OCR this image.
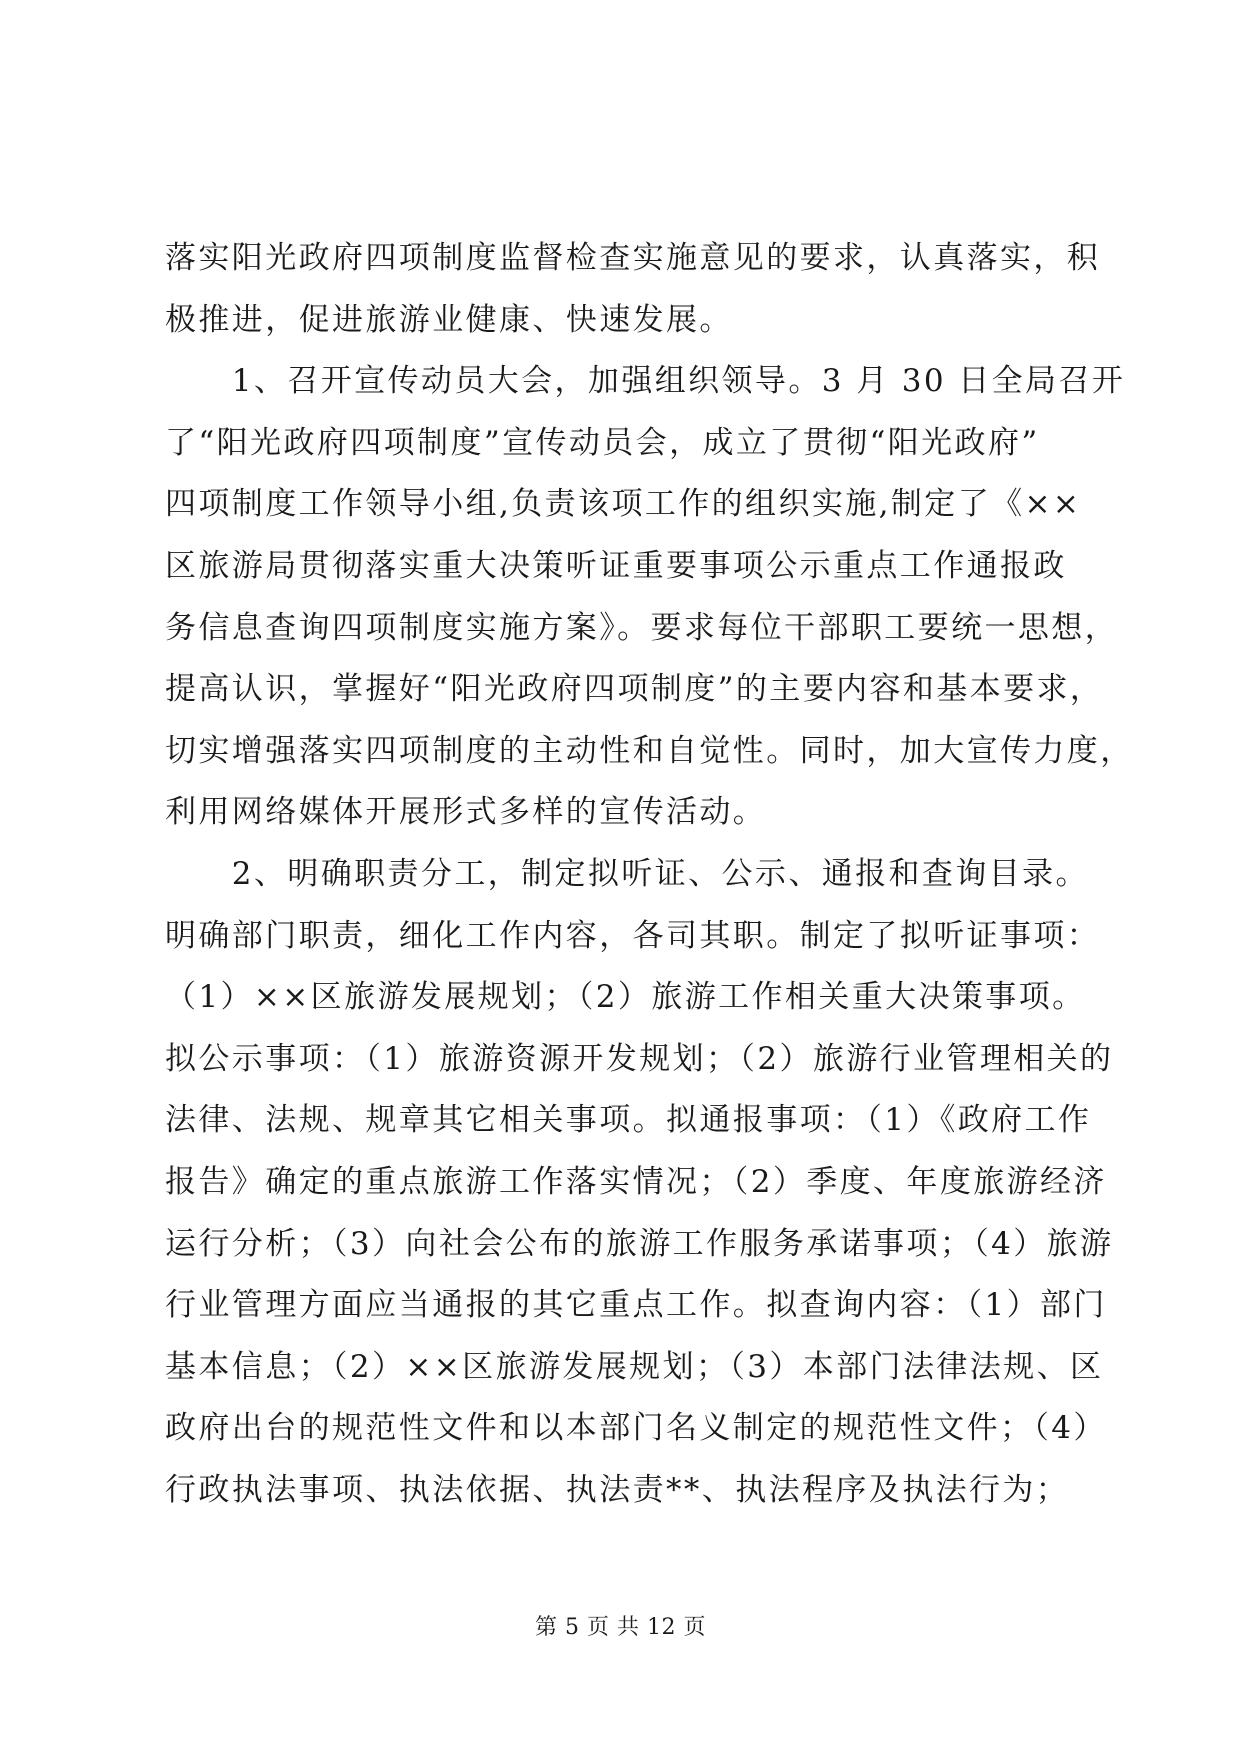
落实阳光政府四项制度监督检查实施意见的要求，认真落实，积
极推进，促进旅游业健康、快速发展。
　　1、召开宣传动员大会，加强组织领导。3 月 30 日全局召开
了“阳光政府四项制度”宣传动员会，成立了贯彻“阳光政府”
四项制度工作领导小组,负责该项工作的组织实施,制定了《××
区旅游局贯彻落实重大决策听证重要事项公示重点工作通报政
务信息查询四项制度实施方案》。要求每位干部职工要统一思想，
提高认识，掌握好“阳光政府四项制度”的主要内容和基本要求，
切实增强落实四项制度的主动性和自觉性。同时，加大宣传力度，
利用网络媒体开展形式多样的宣传活动。
　　2、明确职责分工，制定拟听证、公示、通报和查询目录。
明确部门职责，细化工作内容，各司其职。制定了拟听证事项：
（1）××区旅游发展规划；（2）旅游工作相关重大决策事项。
拟公示事项：（1）旅游资源开发规划；（2）旅游行业管理相关的
法律、法规、规章其它相关事项。拟通报事项：（1）《政府工作
报告》确定的重点旅游工作落实情况；（2）季度、年度旅游经济
运行分析；（3）向社会公布的旅游工作服务承诺事项；（4）旅游
行业管理方面应当通报的其它重点工作。拟查询内容：（1）部门
基本信息；（2）××区旅游发展规划；（3）本部门法律法规、区
政府出台的规范性文件和以本部门名义制定的规范性文件；（4）
行政执法事项、执法依据、执法责**、执法程序及执法行为；
第 5 页 共 12 页
